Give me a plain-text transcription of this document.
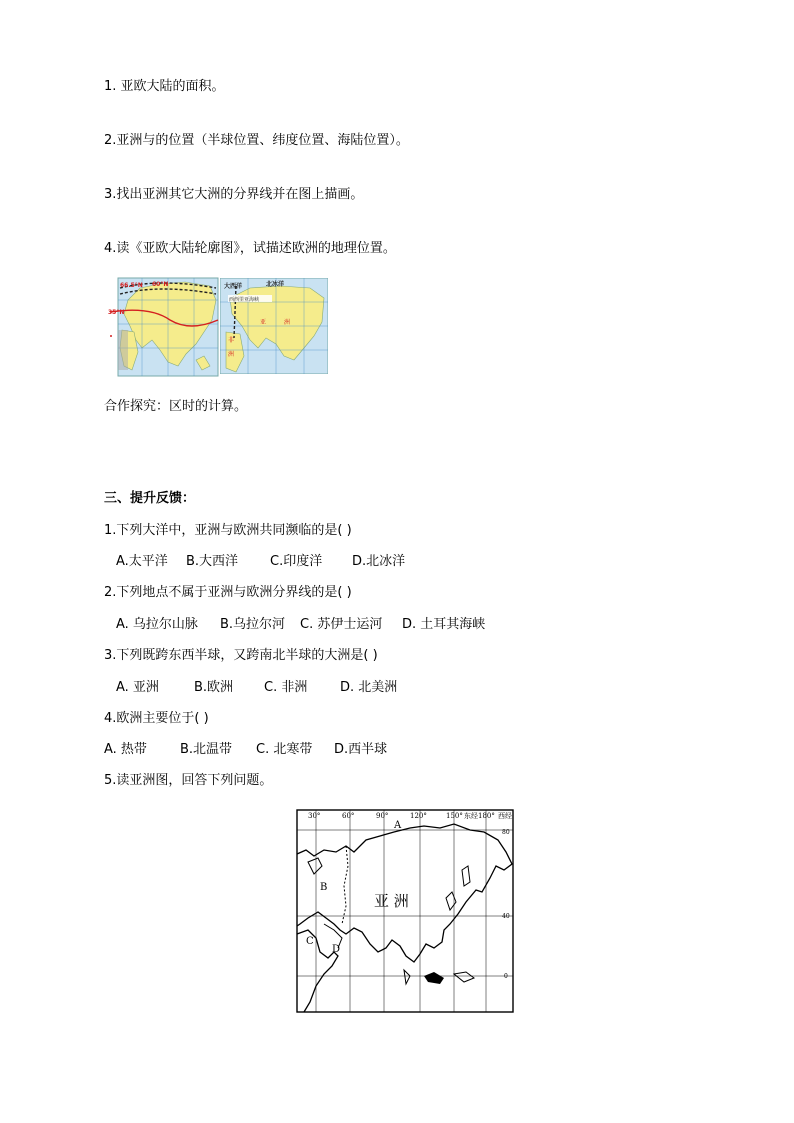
1. 亚欧大陆的面积。
2.亚洲与的位置（半球位置、纬度位置、海陆位置）。
3.找出亚洲其它大洲的分界线并在图上描画。
4.读《亚欧大陆轮廓图》，试描述欧洲的地理位置。
66.5°N 60°N
35°N
大西洋	北冰洋
西西里亚海峡
亚	洲
非
洲
合作探究：区时的计算。
三、提升反馈：
1.下列大洋中，亚洲与欧洲共同濒临的是( )
A.太平洋 B.大西洋 C.印度洋 D.北冰洋
2.下列地点不属于亚洲与欧洲分界线的是( )
A. 乌拉尔山脉 B.乌拉尔河 C. 苏伊士运河 D. 土耳其海峡
3.下列既跨东西半球，又跨南北半球的大洲是( )
A. 亚洲	B.欧洲 C. 非洲	D. 北美洲
4.欧洲主要位于( )
A. 热带	B.北温带 C. 北寒带 D.西半球
5.读亚洲图，回答下列问题。
30°	60°	90°	120°	150° 东经180° 西经
80
40
0
A
B
C
D
亚 洲
